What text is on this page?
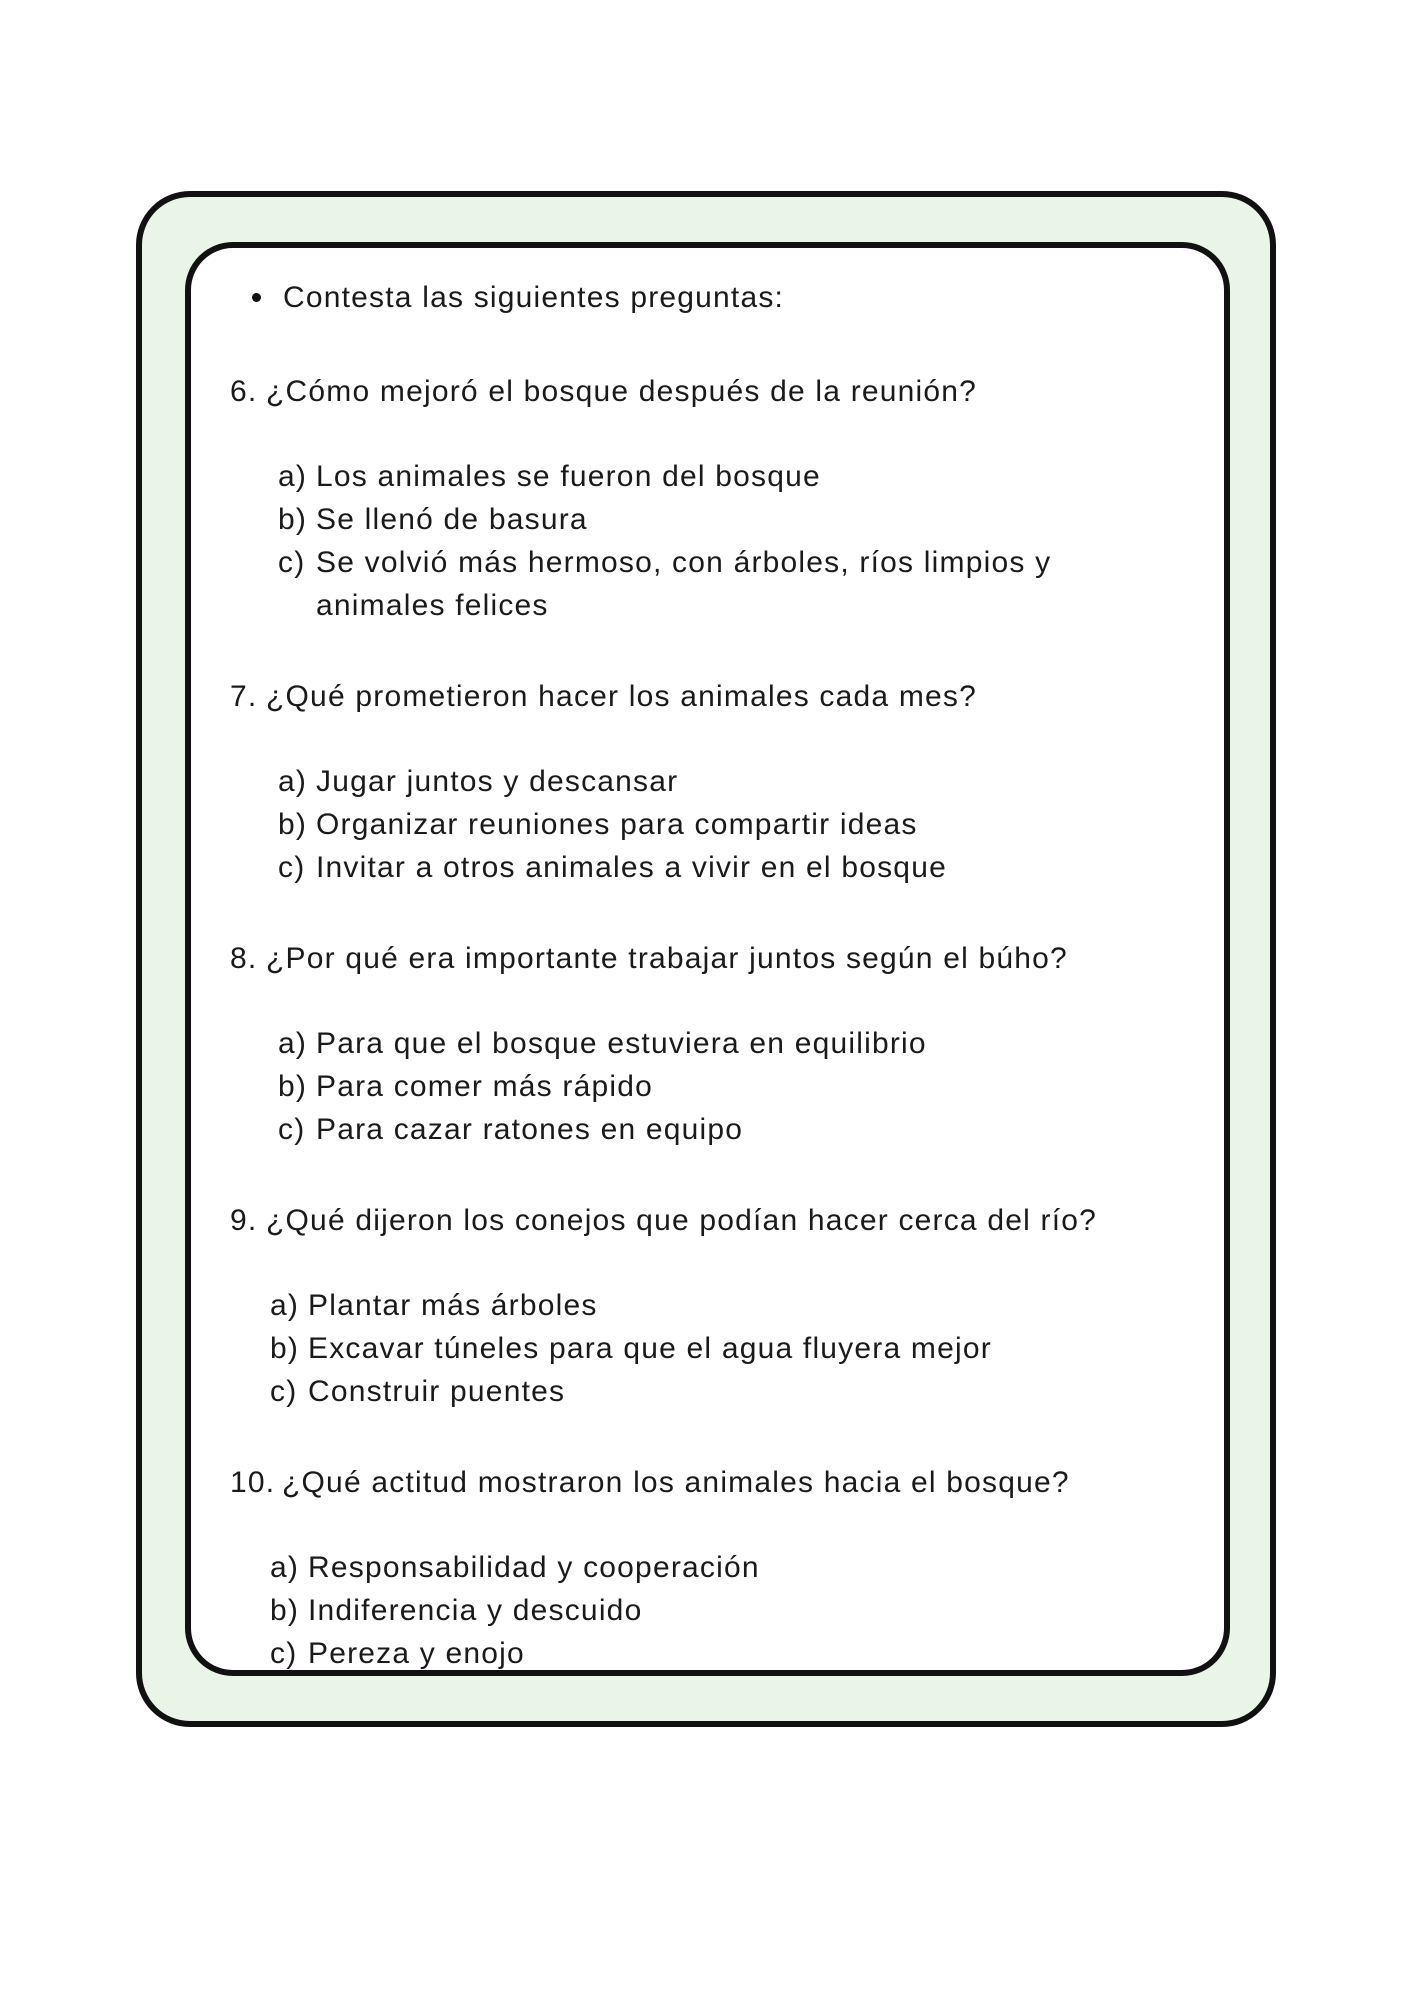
Contesta las siguientes preguntas:
6. ¿Cómo mejoró el bosque después de la reunión?
a) Los animales se fueron del bosque
b) Se llenó de basura
c) Se volvió más hermoso, con árboles, ríos limpios y animales felices
7. ¿Qué prometieron hacer los animales cada mes?
a) Jugar juntos y descansar
b) Organizar reuniones para compartir ideas
c) Invitar a otros animales a vivir en el bosque
8. ¿Por qué era importante trabajar juntos según el búho?
a) Para que el bosque estuviera en equilibrio
b) Para comer más rápido
c) Para cazar ratones en equipo
9. ¿Qué dijeron los conejos que podían hacer cerca del río?
a) Plantar más árboles
b) Excavar túneles para que el agua fluyera mejor
c) Construir puentes
10. ¿Qué actitud mostraron los animales hacia el bosque?
a) Responsabilidad y cooperación
b) Indiferencia y descuido
c) Pereza y enojo
